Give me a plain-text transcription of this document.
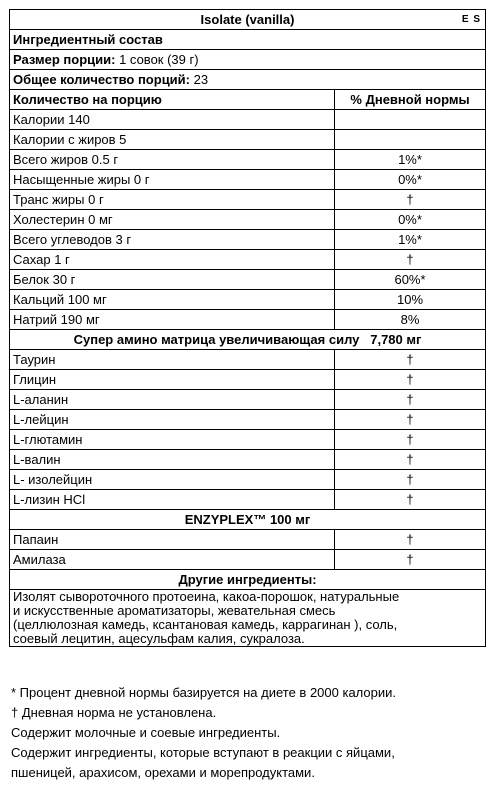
Isolate (vanilla) E S	

Ингредиентный состав	
Размер порции: 1 совок (39 г)	
Общее количество порций: 23	
Количество на порцию	% Дневной нормы
Калории 140	
Калории с жиров 5	
Всего жиров 0.5 г	1%*
Насыщенные жиры 0 г	0%*
Транс жиры 0 г	†
Холестерин 0 мг	0%*
Всего углеводов 3 г	1%*
Сахар 1 г	†
Белок 30 г	60%*
Кальций 100 мг	10%
Натрий 190 мг	8%
Супер амино матрица увеличивающая силу   7,780 мг	
Таурин	†
Глицин	†
L-аланин	†
L-лейцин	†
L-глютамин	†
L-валин	†
L- изолейцин	†
L-лизин HCl	†
ENZYPLEX™ 100 мг	
Папаин	†
Амилаза	†
Другие ингредиенты:	

Изолят сывороточного протоеина, какоа-порошок, натуральные
и искусственные ароматизаторы, жевательная смесь
(целлюлозная камедь, ксантановая камедь, каррагинан ), соль,
соевый лецитин, ацесульфам калия, сукралоза.	
* Процент дневной нормы базируется на диете в 2000 калории.
† Дневная норма не установлена.
Содержит молочные и соевые ингредиенты.
Содержит ингредиенты, которые вступают в реакции с яйцами,
пшеницей, арахисом, орехами и морепродуктами.
